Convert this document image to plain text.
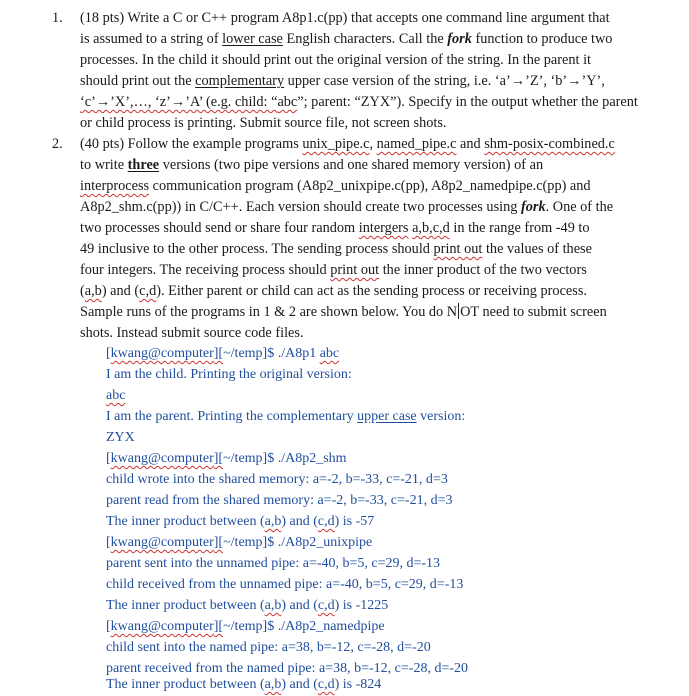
1. (18 pts) Write a C or C++ program A8p1.c(pp) that accepts one command line argument that
is assumed to a string of lower case English characters. Call the fork function to produce two
processes. In the child it should print out the original version of the string. In the parent it
should print out the complementary upper case version of the string, i.e. ‘a’→’Z’, ‘b’→’Y’,
‘c’→’X’,…, ‘z’→’A’ (e.g. child: “abc”; parent: “ZYX”). Specify in the output whether the parent
or child process is printing. Submit source file, not screen shots.
2. (40 pts) Follow the example programs unix_pipe.c, named_pipe.c and shm-posix-combined.c
to write three versions (two pipe versions and one shared memory version) of an
interprocess communication program (A8p2_unixpipe.c(pp), A8p2_namedpipe.c(pp) and
A8p2_shm.c(pp)) in C/C++. Each version should create two processes using fork. One of the
two processes should send or share four random intergers a,b,c,d in the range from -49 to
49 inclusive to the other process. The sending process should print out the values of these
four integers. The receiving process should print out the inner product of the two vectors
(a,b) and (c,d). Either parent or child can act as the sending process or receiving process.
Sample runs of the programs in 1 & 2 are shown below. You do N OT need to submit screen
shots. Instead submit source code files.
[kwang@computer][~/temp]$ ./A8p1 abc
I am the child. Printing the original version:
abc
I am the parent. Printing the complementary upper case version:
ZYX
[kwang@computer][~/temp]$ ./A8p2_shm
child wrote into the shared memory: a=-2, b=-33, c=-21, d=3
parent read from the shared memory: a=-2, b=-33, c=-21, d=3
The inner product between (a,b) and (c,d) is -57
[kwang@computer][~/temp]$ ./A8p2_unixpipe
parent sent into the unnamed pipe: a=-40, b=5, c=29, d=-13
child received from the unnamed pipe: a=-40, b=5, c=29, d=-13
The inner product between (a,b) and (c,d) is -1225
[kwang@computer][~/temp]$ ./A8p2_namedpipe
child sent into the named pipe: a=38, b=-12, c=-28, d=-20
parent received from the named pipe: a=38, b=-12, c=-28, d=-20
The inner product between (a,b) and (c,d) is -824
